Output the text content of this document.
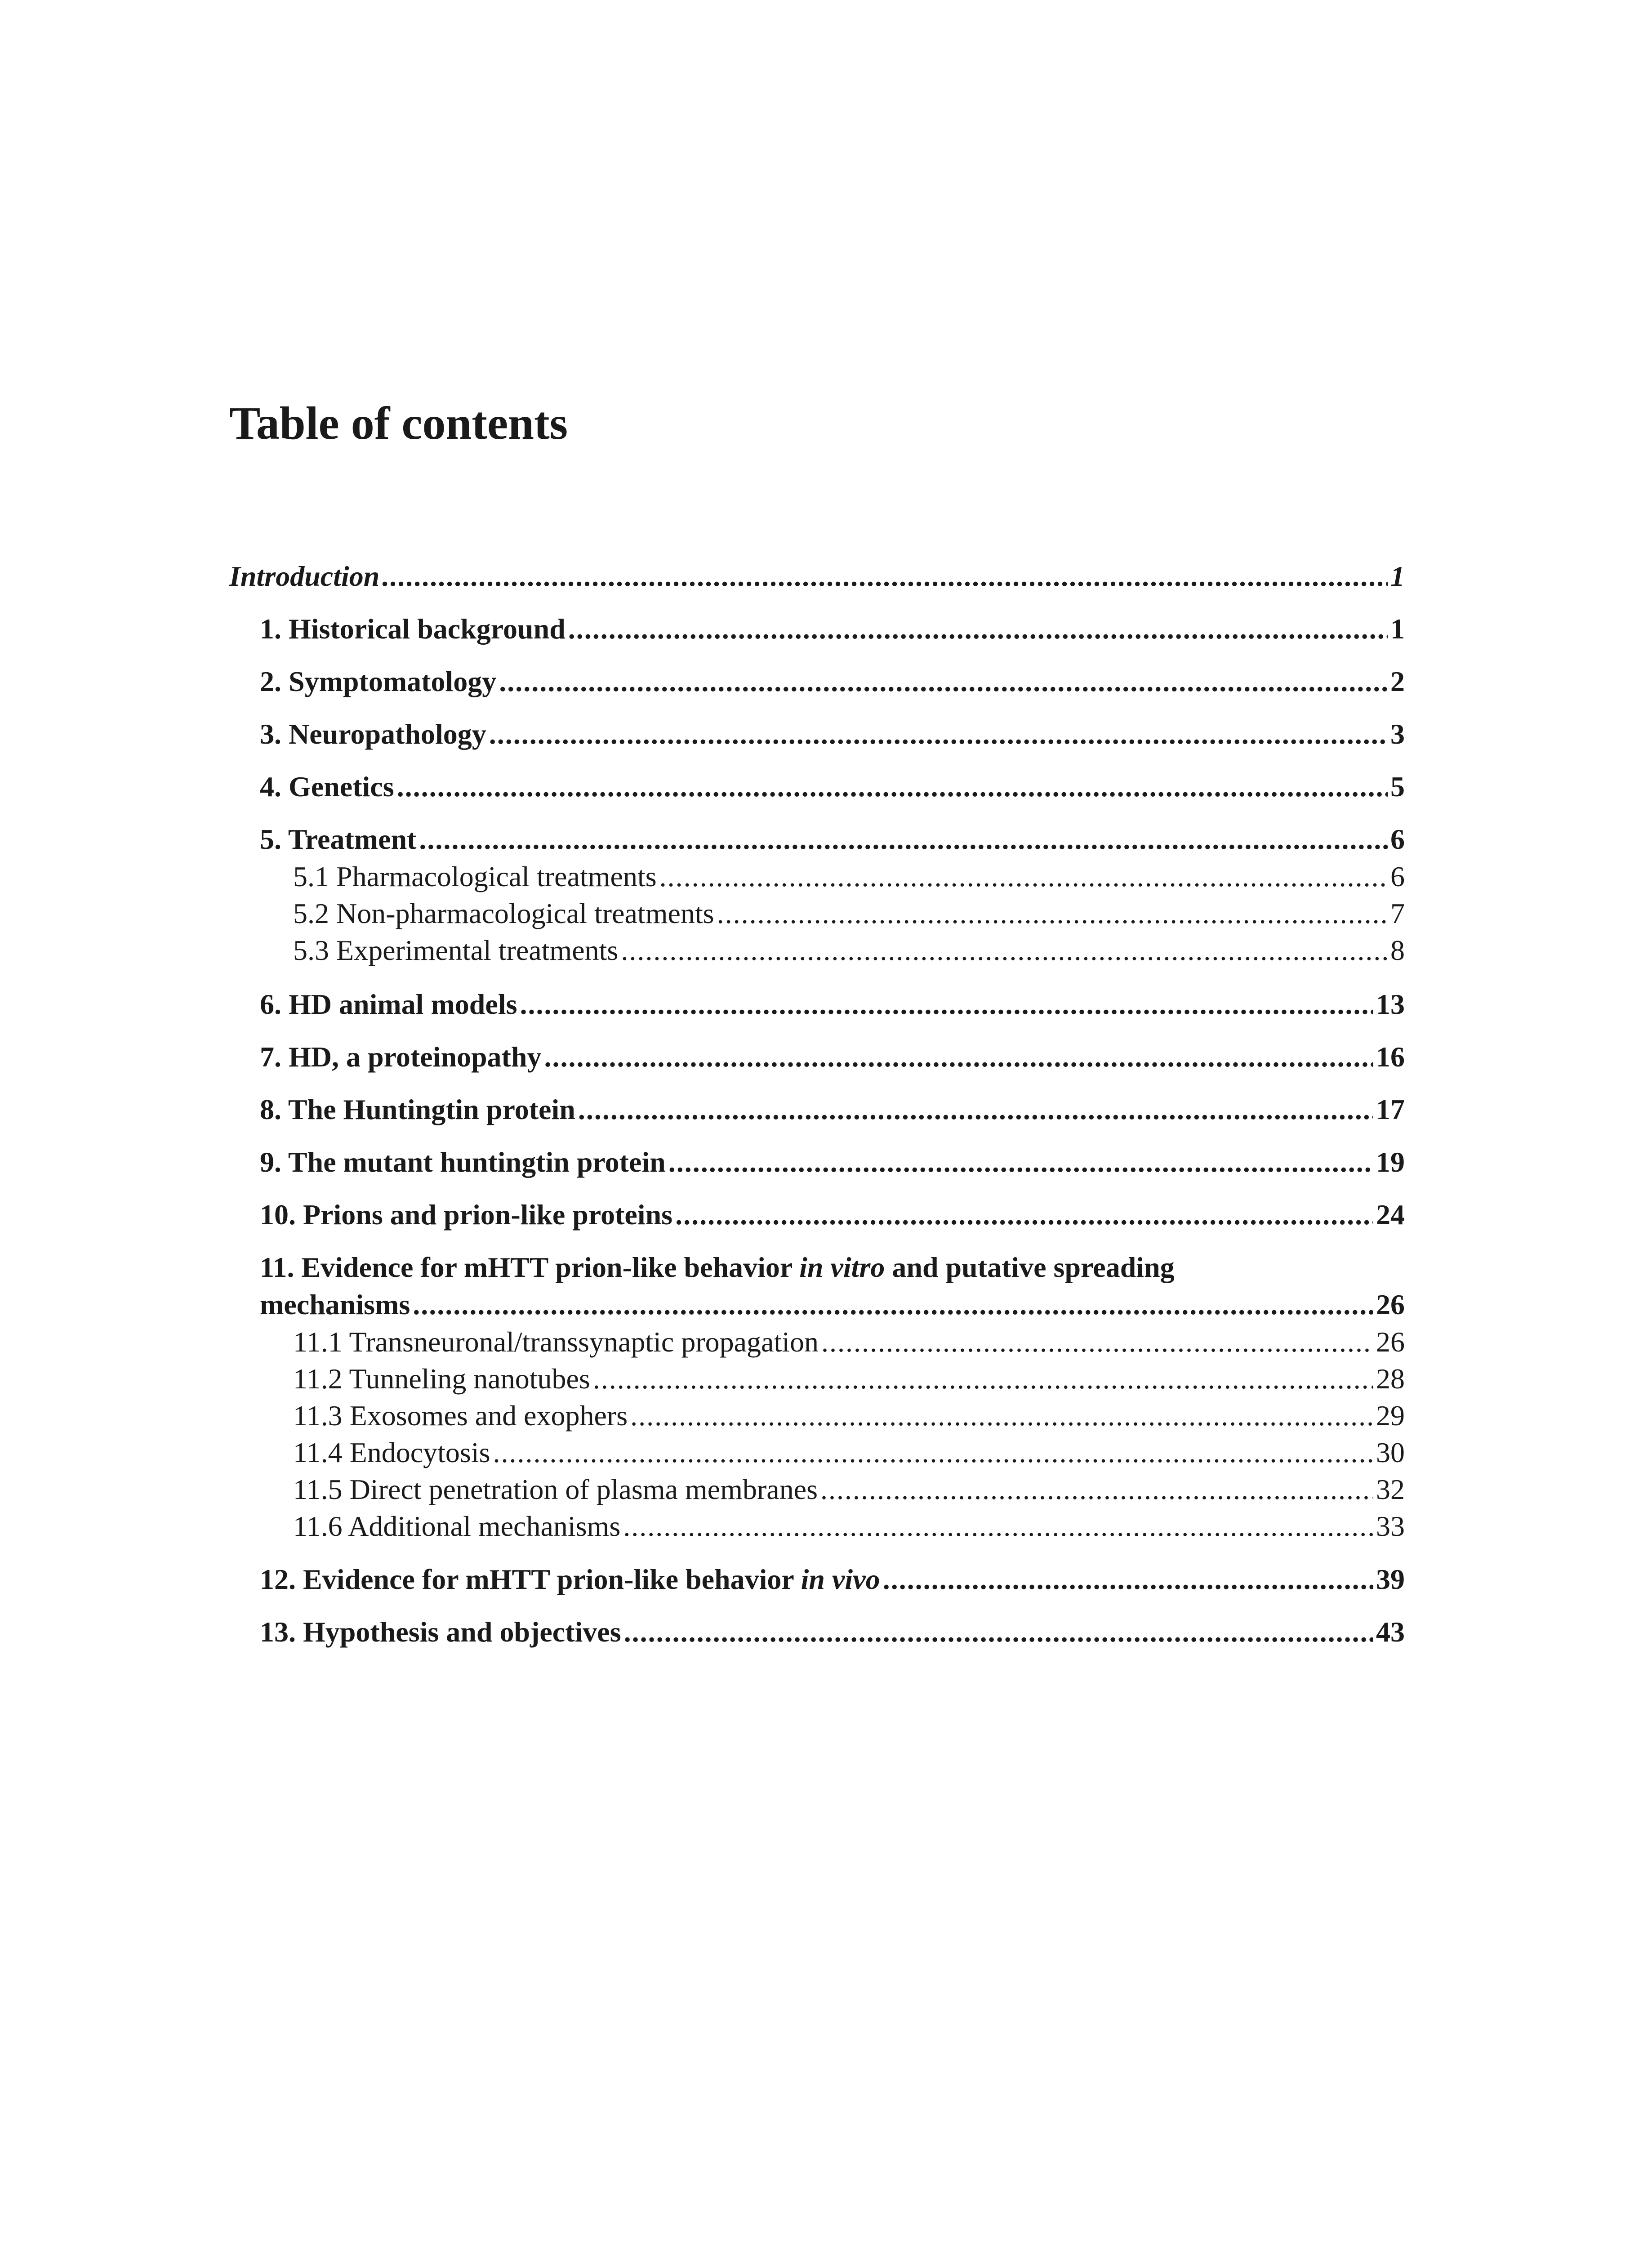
Table of contents
Introduction .....	1
1. Historical background .....	1
2. Symptomatology .....	2
3. Neuropathology .....	3
4. Genetics .....	5
5. Treatment .....	6
5.1 Pharmacological treatments .....	6
5.2 Non-pharmacological treatments .....	7
5.3 Experimental treatments .....	8
6. HD animal models .....	13
7. HD, a proteinopathy .....	16
8. The Huntingtin protein .....	17
9. The mutant huntingtin protein .....	19
10. Prions and prion-like proteins .....	24
11. Evidence for mHTT prion-like behavior in vitro and putative spreading
mechanisms .....	26
11.1 Transneuronal/transsynaptic propagation .....	26
11.2 Tunneling nanotubes .....	28
11.3 Exosomes and exophers .....	29
11.4 Endocytosis .....	30
11.5 Direct penetration of plasma membranes .....	32
11.6 Additional mechanisms .....	33
12. Evidence for mHTT prion-like behavior in vivo .....	39
13. Hypothesis and objectives .....	43
